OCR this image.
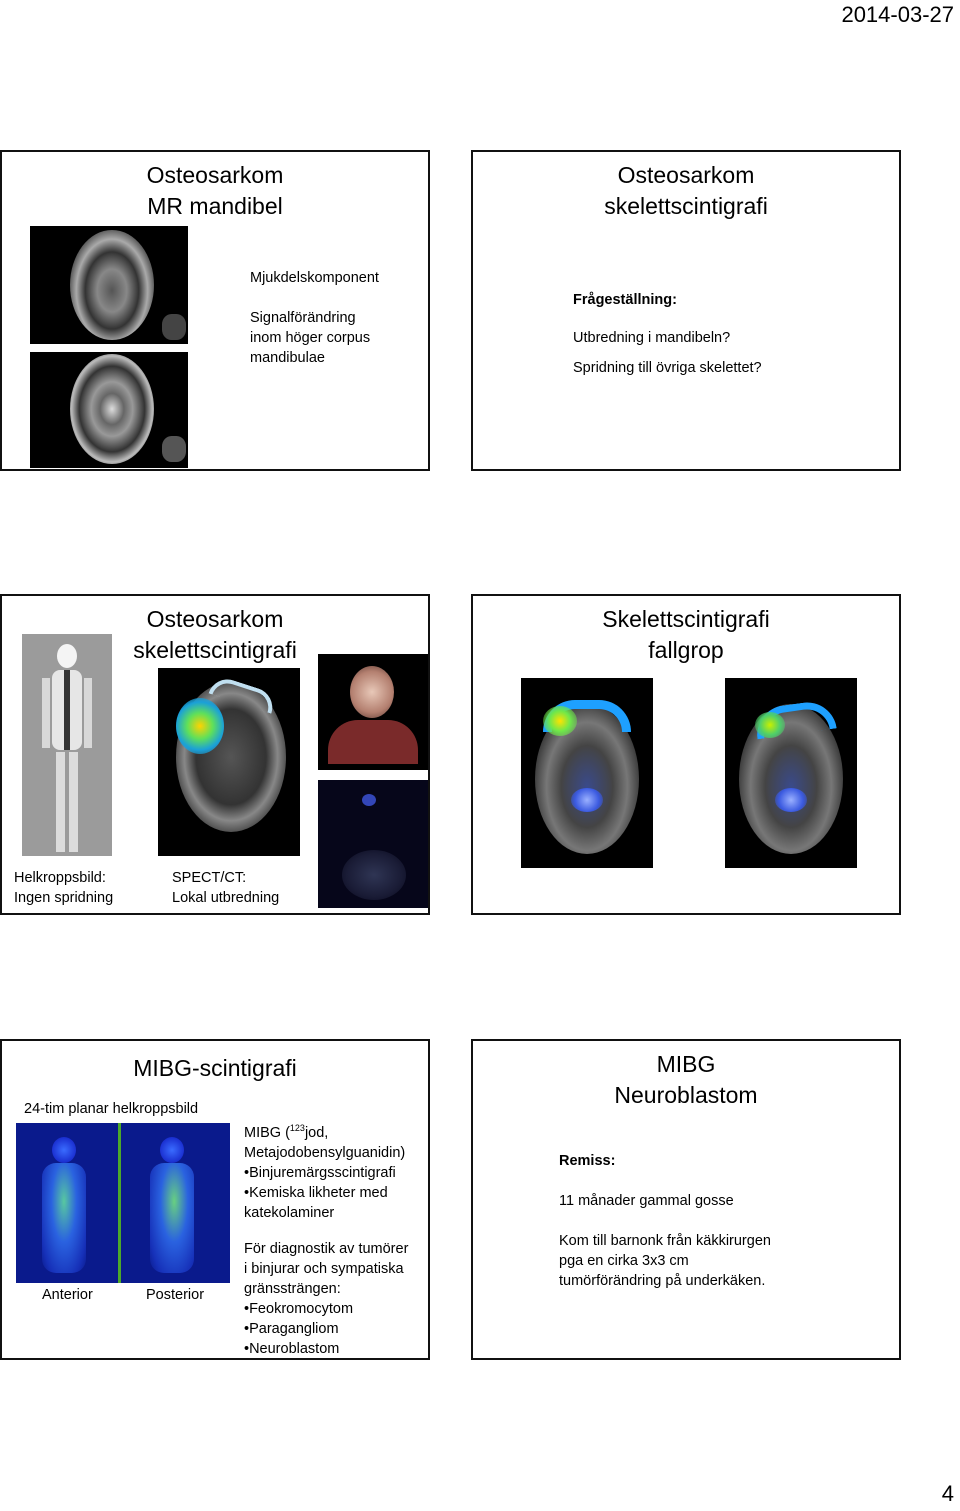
2014-03-27
Osteosarkom
MR mandibel
Mjukdelskomponent
Signalförändring
inom höger corpus
mandibulae
Osteosarkom
skelettscintigrafi
Frågeställning:
Utbredning i mandibeln?
Spridning till övriga skelettet?
Osteosarkom
skelettscintigrafi
Helkroppsbild:
Ingen spridning
SPECT/CT:
Lokal utbredning
Skelettscintigrafi
fallgrop
MIBG-scintigrafi
24-tim planar helkroppsbild
Anterior	Posterior
MIBG ($^{123}$jod,
Metajodobensylguanidin)
• Binjuremärgsscintigrafi
• Kemiska likheter med
katekolaminer
För diagnostik av tumörer
i binjurar och sympatiska
gränssträngen:
• Feokromocytom
• Paragangliom
• Neuroblastom
MIBG
Neuroblastom
Remiss:
11 månader gammal gosse
Kom till barnonk från käkkirurgen
pga en cirka 3x3 cm
tumörförändring på underkäken.
4
